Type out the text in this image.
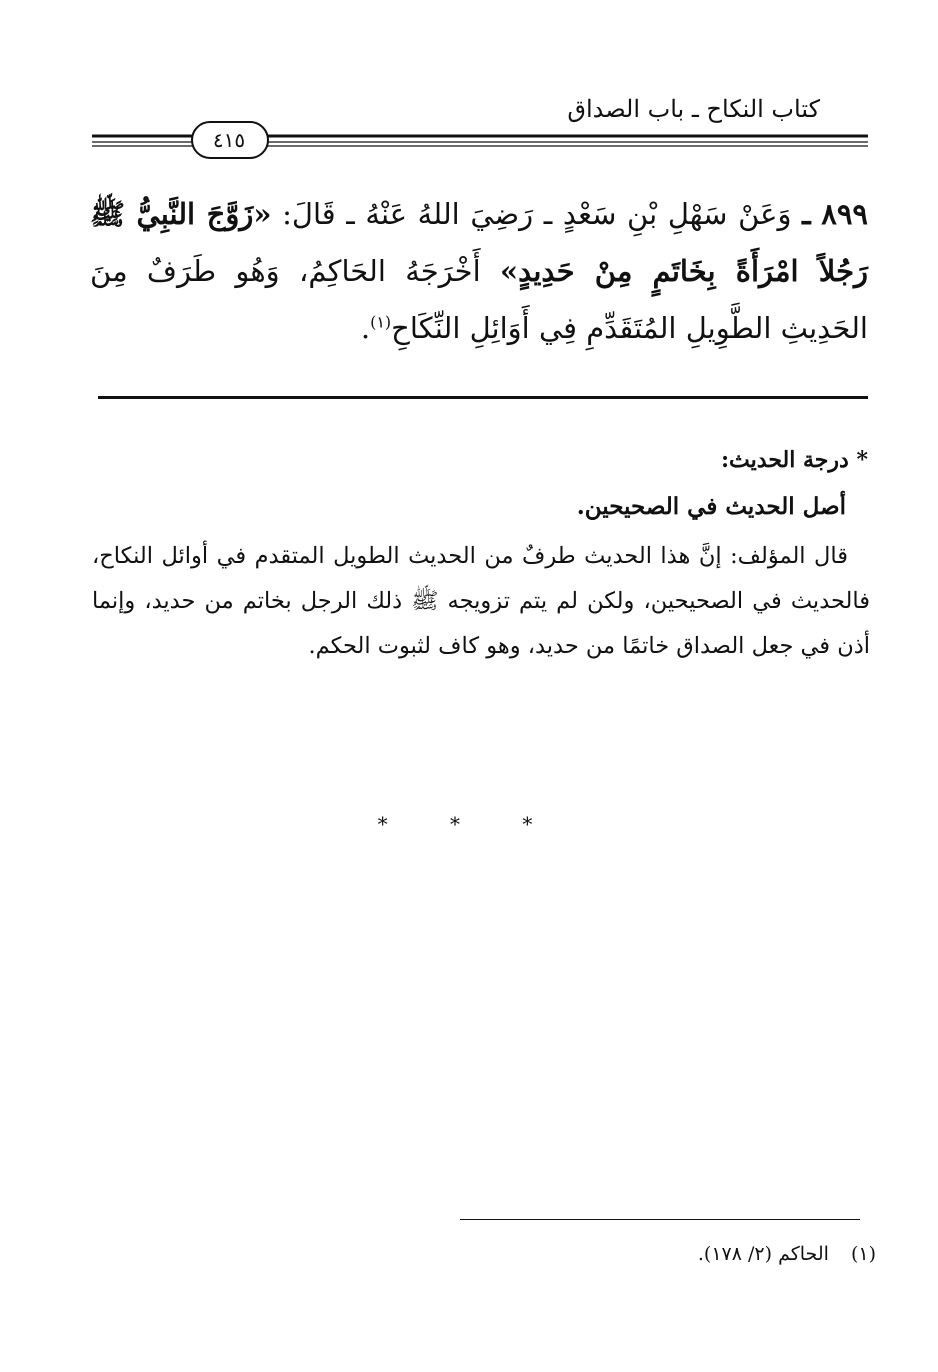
كتاب النكاح ـ باب الصداق
٤١٥
٨٩٩ ـ وَعَنْ سَهْلِ بْنِ سَعْدٍ ـ رَضِيَ اللهُ عَنْهُ ـ قَالَ: «زَوَّجَ النَّبِيُّ ﷺ رَجُلاً امْرَأَةً بِخَاتَمٍ مِنْ حَدِيدٍ» أَخْرَجَهُ الحَاكِمُ، وَهُو طَرَفٌ مِنَ الحَدِيثِ الطَّوِيلِ المُتَقَدِّمِ فِي أَوَائِلِ النِّكَاحِ$^{(١)}$.
* درجة الحديث:
أصل الحديث في الصحيحين.
قال المؤلف: إنَّ هذا الحديث طرفٌ من الحديث الطويل المتقدم في أوائل النكاح، فالحديث في الصحيحين، ولكن لم يتم تزويجه ﷺ ذلك الرجل بخاتم من حديد، وإنما أذن في جعل الصداق خاتمًا من حديد، وهو كاف لثبوت الحكم.
* * *
(١) الحاكم (٢/ ١٧٨).
